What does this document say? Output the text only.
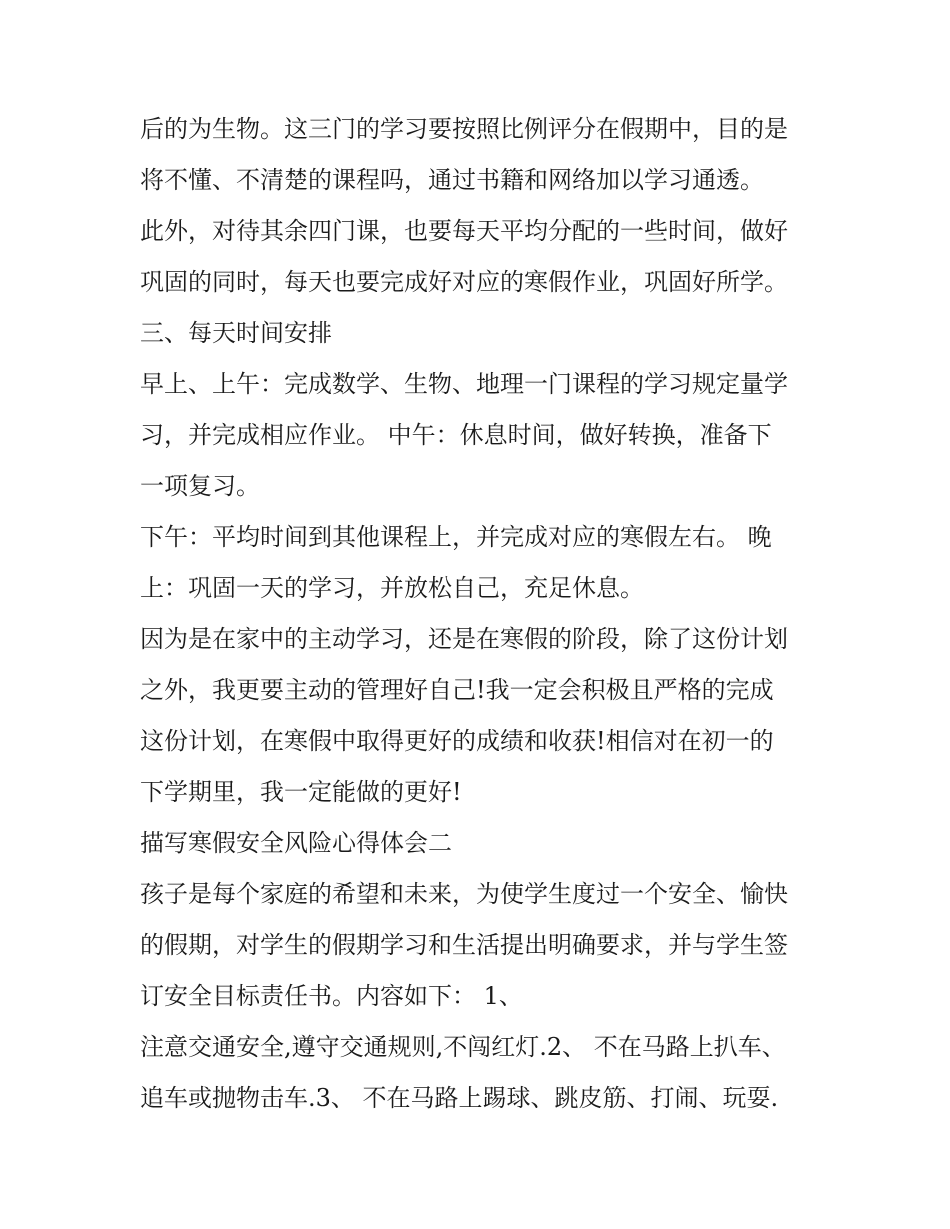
后的为生物。这三门的学习要按照比例评分在假期中，目的是
将不懂、不清楚的课程吗，通过书籍和网络加以学习通透。
此外，对待其余四门课，也要每天平均分配的一些时间，做好
巩固的同时，每天也要完成好对应的寒假作业，巩固好所学。
三、每天时间安排
早上、上午：完成数学、生物、地理一门课程的学习规定量学
习，并完成相应作业。 中午：休息时间，做好转换，准备下
一项复习。
下午：平均时间到其他课程上，并完成对应的寒假左右。 晚
上：巩固一天的学习，并放松自己，充足休息。
因为是在家中的主动学习，还是在寒假的阶段，除了这份计划
之外，我更要主动的管理好自己!我一定会积极且严格的完成
这份计划，在寒假中取得更好的成绩和收获!相信对在初一的
下学期里，我一定能做的更好!
描写寒假安全风险心得体会二
孩子是每个家庭的希望和未来，为使学生度过一个安全、愉快
的假期，对学生的假期学习和生活提出明确要求，并与学生签
订安全目标责任书。内容如下： 1、
注意交通安全,遵守交通规则,不闯红灯.2、 不在马路上扒车、
追车或抛物击车.3、 不在马路上踢球、跳皮筋、打闹、玩耍.
